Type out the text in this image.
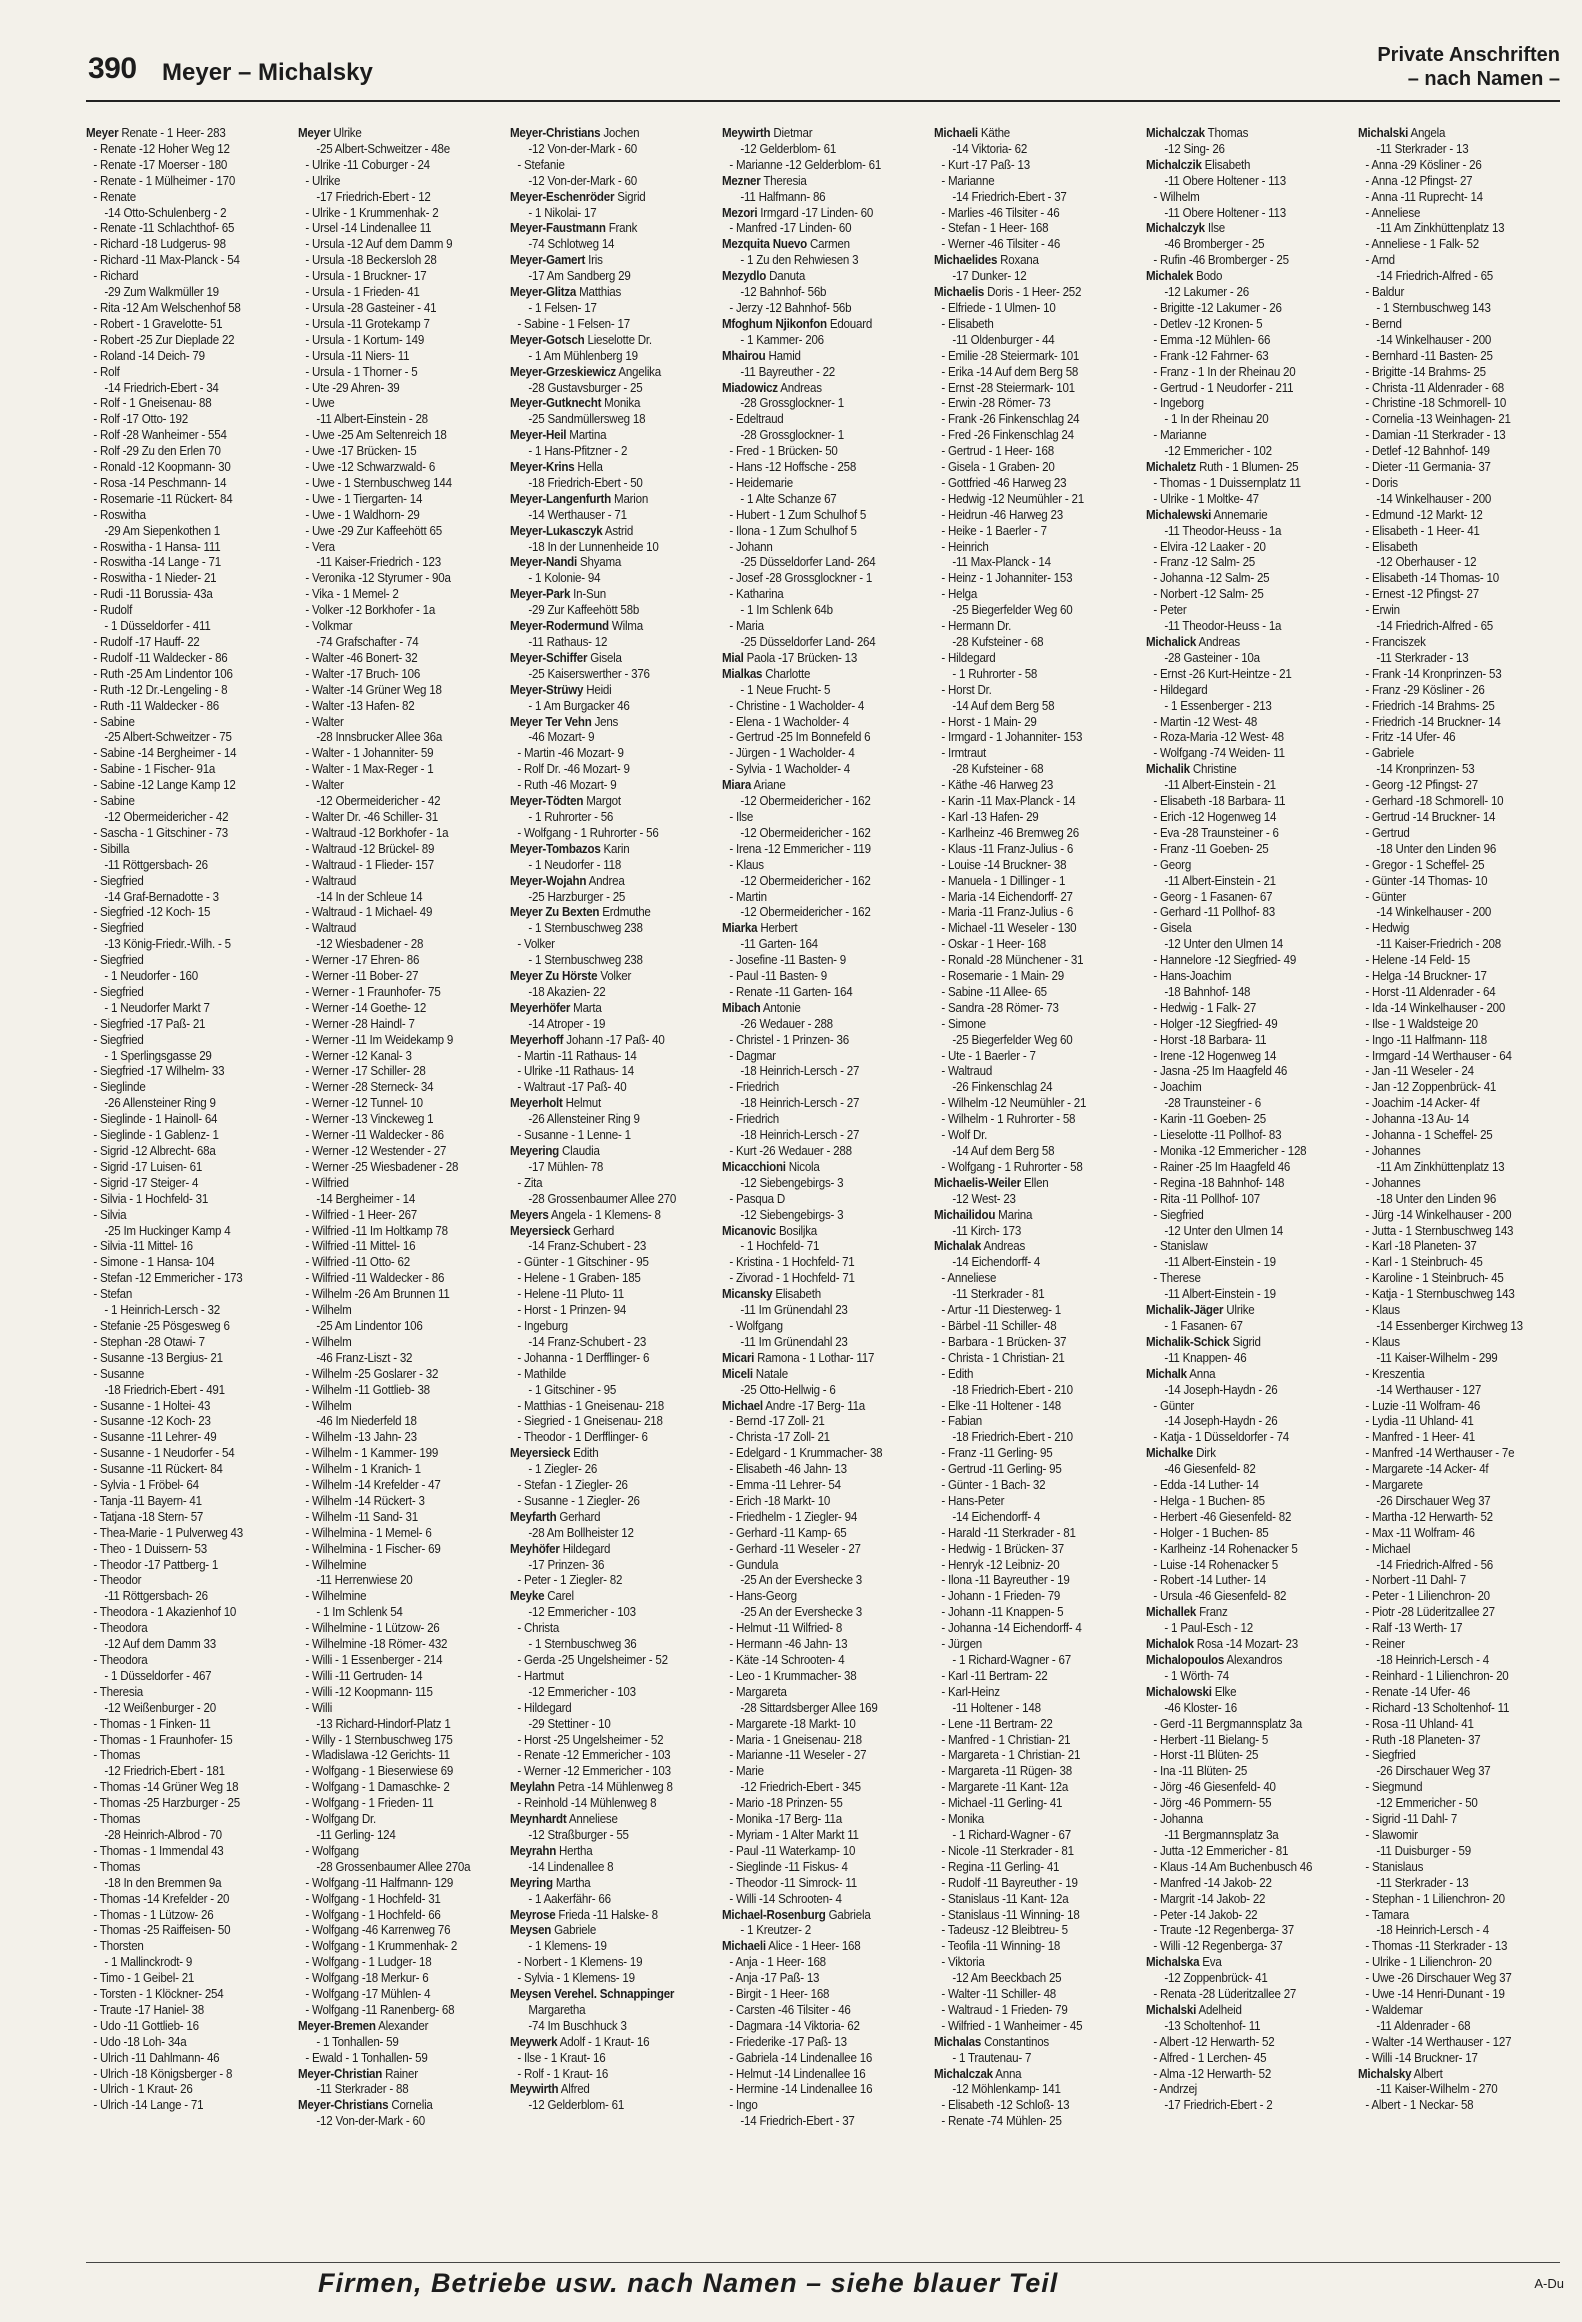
390 Meyer – Michalsky
Private Anschriften
– nach Namen –
Meyer Renate - 1 Heer- 283
- Renate -12 Hoher Weg 12
- Renate -17 Moerser - 180
- Renate - 1 Mülheimer - 170
- Renate
-14 Otto-Schulenberg - 2
- Renate -11 Schlachthof- 65
- Richard -18 Ludgerus- 98
- Richard -11 Max-Planck - 54
- Richard
-29 Zum Walkmüller 19
- Rita -12 Am Welschenhof 58
- Robert - 1 Gravelotte- 51
- Robert -25 Zur Dieplade 22
- Roland -14 Deich- 79
- Rolf
-14 Friedrich-Ebert - 34
- Rolf - 1 Gneisenau- 88
- Rolf -17 Otto- 192
- Rolf -28 Wanheimer - 554
- Rolf -29 Zu den Erlen 70
- Ronald -12 Koopmann- 30
- Rosa -14 Peschmann- 14
- Rosemarie -11 Rückert- 84
- Roswitha
-29 Am Siepenkothen 1
- Roswitha - 1 Hansa- 111
- Roswitha -14 Lange - 71
- Roswitha - 1 Nieder- 21
- Rudi -11 Borussia- 43a
- Rudolf
- 1 Düsseldorfer - 411
- Rudolf -17 Hauff- 22
- Rudolf -11 Waldecker - 86
- Ruth -25 Am Lindentor 106
- Ruth -12 Dr.-Lengeling - 8
- Ruth -11 Waldecker - 86
- Sabine
-25 Albert-Schweitzer - 75
- Sabine -14 Bergheimer - 14
- Sabine - 1 Fischer- 91a
- Sabine -12 Lange Kamp 12
- Sabine
-12 Obermeidericher - 42
- Sascha - 1 Gitschiner - 73
- Sibilla
-11 Röttgersbach- 26
- Siegfried
-14 Graf-Bernadotte - 3
- Siegfried -12 Koch- 15
- Siegfried
-13 König-Friedr.-Wilh. - 5
- Siegfried
- 1 Neudorfer - 160
- Siegfried
- 1 Neudorfer Markt 7
- Siegfried -17 Paß- 21
- Siegfried
- 1 Sperlingsgasse 29
- Siegfried -17 Wilhelm- 33
- Sieglinde
-26 Allensteiner Ring 9
- Sieglinde - 1 Hainoll- 64
- Sieglinde - 1 Gablenz- 1
- Sigrid -12 Albrecht- 68a
- Sigrid -17 Luisen- 61
- Sigrid -17 Steiger- 4
- Silvia - 1 Hochfeld- 31
- Silvia
-25 Im Huckinger Kamp 4
- Silvia -11 Mittel- 16
- Simone - 1 Hansa- 104
- Stefan -12 Emmericher - 173
- Stefan
- 1 Heinrich-Lersch - 32
- Stefanie -25 Pösgesweg 6
- Stephan -28 Otawi- 7
- Susanne -13 Bergius- 21
- Susanne
-18 Friedrich-Ebert - 491
- Susanne - 1 Holtei- 43
- Susanne -12 Koch- 23
- Susanne -11 Lehrer- 49
- Susanne - 1 Neudorfer - 54
- Susanne -11 Rückert- 84
- Sylvia - 1 Fröbel- 64
- Tanja -11 Bayern- 41
- Tatjana -18 Stern- 57
- Thea-Marie - 1 Pulverweg 43
- Theo - 1 Duissern- 53
- Theodor -17 Pattberg- 1
- Theodor
-11 Röttgersbach- 26
- Theodora - 1 Akazienhof 10
- Theodora
-12 Auf dem Damm 33
- Theodora
- 1 Düsseldorfer - 467
- Theresia
-12 Weißenburger - 20
- Thomas - 1 Finken- 11
- Thomas - 1 Fraunhofer- 15
- Thomas
-12 Friedrich-Ebert - 181
- Thomas -14 Grüner Weg 18
- Thomas -25 Harzburger - 25
- Thomas
-28 Heinrich-Albrod - 70
- Thomas - 1 Immendal 43
- Thomas
-18 In den Bremmen 9a
- Thomas -14 Krefelder - 20
- Thomas - 1 Lützow- 26
- Thomas -25 Raiffeisen- 50
- Thorsten
- 1 Mallinckrodt- 9
- Timo - 1 Geibel- 21
- Torsten - 1 Klöckner- 254
- Traute -17 Haniel- 38
- Udo -11 Gottlieb- 16
- Udo -18 Loh- 34a
- Ulrich -11 Dahlmann- 46
- Ulrich -18 Königsberger - 8
- Ulrich - 1 Kraut- 26
- Ulrich -14 Lange - 71
Meyer Ulrike
-25 Albert-Schweitzer - 48e
- Ulrike -11 Coburger - 24
- Ulrike
-17 Friedrich-Ebert - 12
- Ulrike - 1 Krummenhak- 2
- Ursel -14 Lindenallee 11
- Ursula -12 Auf dem Damm 9
- Ursula -18 Beckersloh 28
- Ursula - 1 Bruckner- 17
- Ursula - 1 Frieden- 41
- Ursula -28 Gasteiner - 41
- Ursula -11 Grotekamp 7
- Ursula - 1 Kortum- 149
- Ursula -11 Niers- 11
- Ursula - 1 Thorner - 5
- Ute -29 Ahren- 39
- Uwe
-11 Albert-Einstein - 28
- Uwe -25 Am Seltenreich 18
- Uwe -17 Brücken- 15
- Uwe -12 Schwarzwald- 6
- Uwe - 1 Sternbuschweg 144
- Uwe - 1 Tiergarten- 14
- Uwe - 1 Waldhorn- 29
- Uwe -29 Zur Kaffeehött 65
- Vera
-11 Kaiser-Friedrich - 123
- Veronika -12 Styrumer - 90a
- Vika - 1 Memel- 2
- Volker -12 Borkhofer - 1a
- Volkmar
-74 Grafschafter - 74
- Walter -46 Bonert- 32
- Walter -17 Bruch- 106
- Walter -14 Grüner Weg 18
- Walter -13 Hafen- 82
- Walter
-28 Innsbrucker Allee 36a
- Walter - 1 Johanniter- 59
- Walter - 1 Max-Reger - 1
- Walter
-12 Obermeidericher - 42
- Walter Dr. -46 Schiller- 31
- Waltraud -12 Borkhofer - 1a
- Waltraud -12 Brückel- 89
- Waltraud - 1 Flieder- 157
- Waltraud
-14 In der Schleue 14
- Waltraud - 1 Michael- 49
- Waltraud
-12 Wiesbadener - 28
- Werner -17 Ehren- 86
- Werner -11 Bober- 27
- Werner - 1 Fraunhofer- 75
- Werner -14 Goethe- 12
- Werner -28 Haindl- 7
- Werner -11 Im Weidekamp 9
- Werner -12 Kanal- 3
- Werner -17 Schiller- 28
- Werner -28 Sterneck- 34
- Werner -12 Tunnel- 10
- Werner -13 Vinckeweg 1
- Werner -11 Waldecker - 86
- Werner -12 Westender - 27
- Werner -25 Wiesbadener - 28
- Wilfried
-14 Bergheimer - 14
- Wilfried - 1 Heer- 267
- Wilfried -11 Im Holtkamp 78
- Wilfried -11 Mittel- 16
- Wilfried -11 Otto- 62
- Wilfried -11 Waldecker - 86
- Wilhelm -26 Am Brunnen 11
- Wilhelm
-25 Am Lindentor 106
- Wilhelm
-46 Franz-Liszt - 32
- Wilhelm -25 Goslarer - 32
- Wilhelm -11 Gottlieb- 38
- Wilhelm
-46 Im Niederfeld 18
- Wilhelm -13 Jahn- 23
- Wilhelm - 1 Kammer- 199
- Wilhelm - 1 Kranich- 1
- Wilhelm -14 Krefelder - 47
- Wilhelm -14 Rückert- 3
- Wilhelm -11 Sand- 31
- Wilhelmina - 1 Memel- 6
- Wilhelmina - 1 Fischer- 69
- Wilhelmine
-11 Herrenwiese 20
- Wilhelmine
- 1 Im Schlenk 54
- Wilhelmine - 1 Lützow- 26
- Wilhelmine -18 Römer- 432
- Willi - 1 Essenberger - 214
- Willi -11 Gertruden- 14
- Willi -12 Koopmann- 115
- Willi
-13 Richard-Hindorf-Platz 1
- Willy - 1 Sternbuschweg 175
- Wladislawa -12 Gerichts- 11
- Wolfgang - 1 Bieserwiese 69
- Wolfgang - 1 Damaschke- 2
- Wolfgang - 1 Frieden- 11
- Wolfgang Dr.
-11 Gerling- 124
- Wolfgang
-28 Grossenbaumer Allee 270a
- Wolfgang -11 Halfmann- 129
- Wolfgang - 1 Hochfeld- 31
- Wolfgang - 1 Hochfeld- 66
- Wolfgang -46 Karrenweg 76
- Wolfgang - 1 Krummenhak- 2
- Wolfgang - 1 Ludger- 18
- Wolfgang -18 Merkur- 6
- Wolfgang -17 Mühlen- 4
- Wolfgang -11 Ranenberg- 68
Meyer-Bremen Alexander
- 1 Tonhallen- 59
- Ewald - 1 Tonhallen- 59
Meyer-Christian Rainer
-11 Sterkrader - 88
Meyer-Christians Cornelia
-12 Von-der-Mark - 60
Meyer-Christians Jochen
-12 Von-der-Mark - 60
- Stefanie
-12 Von-der-Mark - 60
Meyer-Eschenröder Sigrid
- 1 Nikolai- 17
Meyer-Faustmann Frank
-74 Schlotweg 14
Meyer-Gamert Iris
-17 Am Sandberg 29
Meyer-Glitza Matthias
- 1 Felsen- 17
- Sabine - 1 Felsen- 17
Meyer-Gotsch Lieselotte Dr.
- 1 Am Mühlenberg 19
Meyer-Grzeskiewicz Angelika
-28 Gustavsburger - 25
Meyer-Gutknecht Monika
-25 Sandmüllersweg 18
Meyer-Heil Martina
- 1 Hans-Pfitzner - 2
Meyer-Krins Hella
-18 Friedrich-Ebert - 50
Meyer-Langenfurth Marion
-14 Werthauser - 71
Meyer-Lukasczyk Astrid
-18 In der Lunnenheide 10
Meyer-Nandi Shyama
- 1 Kolonie- 94
Meyer-Park In-Sun
-29 Zur Kaffeehött 58b
Meyer-Rodermund Wilma
-11 Rathaus- 12
Meyer-Schiffer Gisela
-25 Kaiserswerther - 376
Meyer-Strüwy Heidi
- 1 Am Burgacker 46
Meyer Ter Vehn Jens
-46 Mozart- 9
- Martin -46 Mozart- 9
- Rolf Dr. -46 Mozart- 9
- Ruth -46 Mozart- 9
Meyer-Tödten Margot
- 1 Ruhrorter - 56
- Wolfgang - 1 Ruhrorter - 56
Meyer-Tombazos Karin
- 1 Neudorfer - 118
Meyer-Wojahn Andrea
-25 Harzburger - 25
Meyer Zu Bexten Erdmuthe
- 1 Sternbuschweg 238
- Volker
- 1 Sternbuschweg 238
Meyer Zu Hörste Volker
-18 Akazien- 22
Meyerhöfer Marta
-14 Atroper - 19
Meyerhoff Johann -17 Paß- 40
- Martin -11 Rathaus- 14
- Ulrike -11 Rathaus- 14
- Waltraut -17 Paß- 40
Meyerholt Helmut
-26 Allensteiner Ring 9
- Susanne - 1 Lenne- 1
Meyering Claudia
-17 Mühlen- 78
- Zita
-28 Grossenbaumer Allee 270
Meyers Angela - 1 Klemens- 8
Meyersieck Gerhard
-14 Franz-Schubert - 23
- Günter - 1 Gitschiner - 95
- Helene - 1 Graben- 185
- Helene -11 Pluto- 11
- Horst - 1 Prinzen- 94
- Ingeburg
-14 Franz-Schubert - 23
- Johanna - 1 Derfflinger- 6
- Mathilde
- 1 Gitschiner - 95
- Matthias - 1 Gneisenau- 218
- Siegried - 1 Gneisenau- 218
- Theodor - 1 Derfflinger- 6
Meyersieck Edith
- 1 Ziegler- 26
- Stefan - 1 Ziegler- 26
- Susanne - 1 Ziegler- 26
Meyfarth Gerhard
-28 Am Bollheister 12
Meyhöfer Hildegard
-17 Prinzen- 36
- Peter - 1 Ziegler- 82
Meyke Carel
-12 Emmericher - 103
- Christa
- 1 Sternbuschweg 36
- Gerda -25 Ungelsheimer - 52
- Hartmut
-12 Emmericher - 103
- Hildegard
-29 Stettiner - 10
- Horst -25 Ungelsheimer - 52
- Renate -12 Emmericher - 103
- Werner -12 Emmericher - 103
Meylahn Petra -14 Mühlenweg 8
- Reinhold -14 Mühlenweg 8
Meynhardt Anneliese
-12 Straßburger - 55
Meyrahn Hertha
-14 Lindenallee 8
Meyring Martha
- 1 Aakerfähr- 66
Meyrose Frieda -11 Halske- 8
Meysen Gabriele
- 1 Klemens- 19
- Norbert - 1 Klemens- 19
- Sylvia - 1 Klemens- 19
Meysen Verehel. Schnappinger
Margaretha
-74 Im Buschhuck 3
Meywerk Adolf - 1 Kraut- 16
- Ilse - 1 Kraut- 16
- Rolf - 1 Kraut- 16
Meywirth Alfred
-12 Gelderblom- 61
Meywirth Dietmar
-12 Gelderblom- 61
- Marianne -12 Gelderblom- 61
Mezner Theresia
-11 Halfmann- 86
Mezori Irmgard -17 Linden- 60
- Manfred -17 Linden- 60
Mezquita Nuevo Carmen
- 1 Zu den Rehwiesen 3
Mezydlo Danuta
-12 Bahnhof- 56b
- Jerzy -12 Bahnhof- 56b
Mfoghum Njikonfon Edouard
- 1 Kammer- 206
Mhairou Hamid
-11 Bayreuther - 22
Miadowicz Andreas
-28 Grossglockner- 1
- Edeltraud
-28 Grossglockner- 1
- Fred - 1 Brücken- 50
- Hans -12 Hoffsche - 258
- Heidemarie
- 1 Alte Schanze 67
- Hubert - 1 Zum Schulhof 5
- Ilona - 1 Zum Schulhof 5
- Johann
-25 Düsseldorfer Land- 264
- Josef -28 Grossglockner - 1
- Katharina
- 1 Im Schlenk 64b
- Maria
-25 Düsseldorfer Land- 264
Mial Paola -17 Brücken- 13
Mialkas Charlotte
- 1 Neue Frucht- 5
- Christine - 1 Wacholder- 4
- Elena - 1 Wacholder- 4
- Gertrud -25 Im Bonnefeld 6
- Jürgen - 1 Wacholder- 4
- Sylvia - 1 Wacholder- 4
Miara Ariane
-12 Obermeidericher - 162
- Ilse
-12 Obermeidericher - 162
- Irena -12 Emmericher - 119
- Klaus
-12 Obermeidericher - 162
- Martin
-12 Obermeidericher - 162
Miarka Herbert
-11 Garten- 164
- Josefine -11 Basten- 9
- Paul -11 Basten- 9
- Renate -11 Garten- 164
Mibach Antonie
-26 Wedauer - 288
- Christel - 1 Prinzen- 36
- Dagmar
-18 Heinrich-Lersch - 27
- Friedrich
-18 Heinrich-Lersch - 27
- Friedrich
-18 Heinrich-Lersch - 27
- Kurt -26 Wedauer - 288
Micacchioni Nicola
-12 Siebengebirgs- 3
- Pasqua D
-12 Siebengebirgs- 3
Micanovic Bosiljka
- 1 Hochfeld- 71
- Kristina - 1 Hochfeld- 71
- Zivorad - 1 Hochfeld- 71
Micansky Elisabeth
-11 Im Grünendahl 23
- Wolfgang
-11 Im Grünendahl 23
Micari Ramona - 1 Lothar- 117
Miceli Natale
-25 Otto-Hellwig - 6
Michael Andre -17 Berg- 11a
- Bernd -17 Zoll- 21
- Christa -17 Zoll- 21
- Edelgard - 1 Krummacher- 38
- Elisabeth -46 Jahn- 13
- Emma -11 Lehrer- 54
- Erich -18 Markt- 10
- Friedhelm - 1 Ziegler- 94
- Gerhard -11 Kamp- 65
- Gerhard -11 Weseler - 27
- Gundula
-25 An der Evershecke 3
- Hans-Georg
-25 An der Evershecke 3
- Helmut -11 Wilfried- 8
- Hermann -46 Jahn- 13
- Käte -14 Schrooten- 4
- Leo - 1 Krummacher- 38
- Margareta
-28 Sittardsberger Allee 169
- Margarete -18 Markt- 10
- Maria - 1 Gneisenau- 218
- Marianne -11 Weseler - 27
- Marie
-12 Friedrich-Ebert - 345
- Mario -18 Prinzen- 55
- Monika -17 Berg- 11a
- Myriam - 1 Alter Markt 11
- Paul -11 Waterkamp- 10
- Sieglinde -11 Fiskus- 4
- Theodor -11 Simrock- 11
- Willi -14 Schrooten- 4
Michael-Rosenburg Gabriela
- 1 Kreutzer- 2
Michaeli Alice - 1 Heer- 168
- Anja - 1 Heer- 168
- Anja -17 Paß- 13
- Birgit - 1 Heer- 168
- Carsten -46 Tilsiter - 46
- Dagmara -14 Viktoria- 62
- Friederike -17 Paß- 13
- Gabriela -14 Lindenallee 16
- Helmut -14 Lindenallee 16
- Hermine -14 Lindenallee 16
- Ingo
-14 Friedrich-Ebert - 37
Michaeli Käthe
-14 Viktoria- 62
- Kurt -17 Paß- 13
- Marianne
-14 Friedrich-Ebert - 37
- Marlies -46 Tilsiter - 46
- Stefan - 1 Heer- 168
- Werner -46 Tilsiter - 46
Michaelides Roxana
-17 Dunker- 12
Michaelis Doris - 1 Heer- 252
- Elfriede - 1 Ulmen- 10
- Elisabeth
-11 Oldenburger - 44
- Emilie -28 Steiermark- 101
- Erika -14 Auf dem Berg 58
- Ernst -28 Steiermark- 101
- Erwin -28 Römer- 73
- Frank -26 Finkenschlag 24
- Fred -26 Finkenschlag 24
- Gertrud - 1 Heer- 168
- Gisela - 1 Graben- 20
- Gottfried -46 Harweg 23
- Hedwig -12 Neumühler - 21
- Heidrun -46 Harweg 23
- Heike - 1 Baerler - 7
- Heinrich
-11 Max-Planck - 14
- Heinz - 1 Johanniter- 153
- Helga
-25 Biegerfelder Weg 60
- Hermann Dr.
-28 Kufsteiner - 68
- Hildegard
- 1 Ruhrorter - 58
- Horst Dr.
-14 Auf dem Berg 58
- Horst - 1 Main- 29
- Irmgard - 1 Johanniter- 153
- Irmtraut
-28 Kufsteiner - 68
- Käthe -46 Harweg 23
- Karin -11 Max-Planck - 14
- Karl -13 Hafen- 29
- Karlheinz -46 Bremweg 26
- Klaus -11 Franz-Julius - 6
- Louise -14 Bruckner- 38
- Manuela - 1 Dillinger - 1
- Maria -14 Eichendorff- 27
- Maria -11 Franz-Julius - 6
- Michael -11 Weseler - 130
- Oskar - 1 Heer- 168
- Ronald -28 Münchener - 31
- Rosemarie - 1 Main- 29
- Sabine -11 Allee- 65
- Sandra -28 Römer- 73
- Simone
-25 Biegerfelder Weg 60
- Ute - 1 Baerler - 7
- Waltraud
-26 Finkenschlag 24
- Wilhelm -12 Neumühler - 21
- Wilhelm - 1 Ruhrorter - 58
- Wolf Dr.
-14 Auf dem Berg 58
- Wolfgang - 1 Ruhrorter - 58
Michaelis-Weiler Ellen
-12 West- 23
Michailidou Marina
-11 Kirch- 173
Michalak Andreas
-14 Eichendorff- 4
- Anneliese
-11 Sterkrader - 81
- Artur -11 Diesterweg- 1
- Bärbel -11 Schiller- 48
- Barbara - 1 Brücken- 37
- Christa - 1 Christian- 21
- Edith
-18 Friedrich-Ebert - 210
- Elke -11 Holtener - 148
- Fabian
-18 Friedrich-Ebert - 210
- Franz -11 Gerling- 95
- Gertrud -11 Gerling- 95
- Günter - 1 Bach- 32
- Hans-Peter
-14 Eichendorff- 4
- Harald -11 Sterkrader - 81
- Hedwig - 1 Brücken- 37
- Henryk -12 Leibniz- 20
- Ilona -11 Bayreuther - 19
- Johann - 1 Frieden- 79
- Johann -11 Knappen- 5
- Johanna -14 Eichendorff- 4
- Jürgen
- 1 Richard-Wagner - 67
- Karl -11 Bertram- 22
- Karl-Heinz
-11 Holtener - 148
- Lene -11 Bertram- 22
- Manfred - 1 Christian- 21
- Margareta - 1 Christian- 21
- Margareta -11 Rügen- 38
- Margarete -11 Kant- 12a
- Michael -11 Gerling- 41
- Monika
- 1 Richard-Wagner - 67
- Nicole -11 Sterkrader - 81
- Regina -11 Gerling- 41
- Rudolf -11 Bayreuther - 19
- Stanislaus -11 Kant- 12a
- Stanislaus -11 Winning- 18
- Tadeusz -12 Bleibtreu- 5
- Teofila -11 Winning- 18
- Viktoria
-12 Am Beeckbach 25
- Walter -11 Schiller- 48
- Waltraud - 1 Frieden- 79
- Wilfried - 1 Wanheimer - 45
Michalas Constantinos
- 1 Trautenau- 7
Michalczak Anna
-12 Möhlenkamp- 141
- Elisabeth -12 Schloß- 13
- Renate -74 Mühlen- 25
Michalczak Thomas
-12 Sing- 26
Michalczik Elisabeth
-11 Obere Holtener - 113
- Wilhelm
-11 Obere Holtener - 113
Michalczyk Ilse
-46 Bromberger - 25
- Rufin -46 Bromberger - 25
Michalek Bodo
-12 Lakumer - 26
- Brigitte -12 Lakumer - 26
- Detlev -12 Kronen- 5
- Emma -12 Mühlen- 66
- Frank -12 Fahrner- 63
- Franz - 1 In der Rheinau 20
- Gertrud - 1 Neudorfer - 211
- Ingeborg
- 1 In der Rheinau 20
- Marianne
-12 Emmericher - 102
Michaletz Ruth - 1 Blumen- 25
- Thomas - 1 Duissernplatz 11
- Ulrike - 1 Moltke- 47
Michalewski Annemarie
-11 Theodor-Heuss - 1a
- Elvira -12 Laaker - 20
- Franz -12 Salm- 25
- Johanna -12 Salm- 25
- Norbert -12 Salm- 25
- Peter
-11 Theodor-Heuss - 1a
Michalick Andreas
-28 Gasteiner - 10a
- Ernst -26 Kurt-Heintze - 21
- Hildegard
- 1 Essenberger - 213
- Martin -12 West- 48
- Roza-Maria -12 West- 48
- Wolfgang -74 Weiden- 11
Michalik Christine
-11 Albert-Einstein - 21
- Elisabeth -18 Barbara- 11
- Erich -12 Hogenweg 14
- Eva -28 Traunsteiner - 6
- Franz -11 Goeben- 25
- Georg
-11 Albert-Einstein - 21
- Georg - 1 Fasanen- 67
- Gerhard -11 Pollhof- 83
- Gisela
-12 Unter den Ulmen 14
- Hannelore -12 Siegfried- 49
- Hans-Joachim
-18 Bahnhof- 148
- Hedwig - 1 Falk- 27
- Holger -12 Siegfried- 49
- Horst -18 Barbara- 11
- Irene -12 Hogenweg 14
- Jasna -25 Im Haagfeld 46
- Joachim
-28 Traunsteiner - 6
- Karin -11 Goeben- 25
- Lieselotte -11 Pollhof- 83
- Monika -12 Emmericher - 128
- Rainer -25 Im Haagfeld 46
- Regina -18 Bahnhof- 148
- Rita -11 Pollhof- 107
- Siegfried
-12 Unter den Ulmen 14
- Stanislaw
-11 Albert-Einstein - 19
- Therese
-11 Albert-Einstein - 19
Michalik-Jäger Ulrike
- 1 Fasanen- 67
Michalik-Schick Sigrid
-11 Knappen- 46
Michalk Anna
-14 Joseph-Haydn - 26
- Günter
-14 Joseph-Haydn - 26
- Katja - 1 Düsseldorfer - 74
Michalke Dirk
-46 Giesenfeld- 82
- Edda -14 Luther- 14
- Helga - 1 Buchen- 85
- Herbert -46 Giesenfeld- 82
- Holger - 1 Buchen- 85
- Karlheinz -14 Rohenacker 5
- Luise -14 Rohenacker 5
- Robert -14 Luther- 14
- Ursula -46 Giesenfeld- 82
Michallek Franz
- 1 Paul-Esch - 12
Michalok Rosa -14 Mozart- 23
Michalopoulos Alexandros
- 1 Wörth- 74
Michalowski Elke
-46 Kloster- 16
- Gerd -11 Bergmannsplatz 3a
- Herbert -11 Bielang- 5
- Horst -11 Blüten- 25
- Ina -11 Blüten- 25
- Jörg -46 Giesenfeld- 40
- Jörg -46 Pommern- 55
- Johanna
-11 Bergmannsplatz 3a
- Jutta -12 Emmericher - 81
- Klaus -14 Am Buchenbusch 46
- Manfred -14 Jakob- 22
- Margrit -14 Jakob- 22
- Peter -14 Jakob- 22
- Traute -12 Regenberga- 37
- Willi -12 Regenberga- 37
Michalska Eva
-12 Zoppenbrück- 41
- Renata -28 Lüderitzallee 27
Michalski Adelheid
-13 Scholtenhof- 11
- Albert -12 Herwarth- 52
- Alfred - 1 Lerchen- 45
- Alma -12 Herwarth- 52
- Andrzej
-17 Friedrich-Ebert - 2
Michalski Angela
-11 Sterkrader - 13
- Anna -29 Kösliner - 26
- Anna -12 Pfingst- 27
- Anna -11 Ruprecht- 14
- Anneliese
-11 Am Zinkhüttenplatz 13
- Anneliese - 1 Falk- 52
- Arnd
-14 Friedrich-Alfred - 65
- Baldur
- 1 Sternbuschweg 143
- Bernd
-14 Winkelhauser - 200
- Bernhard -11 Basten- 25
- Brigitte -14 Brahms- 25
- Christa -11 Aldenrader - 68
- Christine -18 Schmorell- 10
- Cornelia -13 Weinhagen- 21
- Damian -11 Sterkrader - 13
- Detlef -12 Bahnhof- 149
- Dieter -11 Germania- 37
- Doris
-14 Winkelhauser - 200
- Edmund -12 Markt- 12
- Elisabeth - 1 Heer- 41
- Elisabeth
-12 Oberhauser - 12
- Elisabeth -14 Thomas- 10
- Ernest -12 Pfingst- 27
- Erwin
-14 Friedrich-Alfred - 65
- Franciszek
-11 Sterkrader - 13
- Frank -14 Kronprinzen- 53
- Franz -29 Kösliner - 26
- Friedrich -14 Brahms- 25
- Friedrich -14 Bruckner- 14
- Fritz -14 Ufer- 46
- Gabriele
-14 Kronprinzen- 53
- Georg -12 Pfingst- 27
- Gerhard -18 Schmorell- 10
- Gertrud -14 Bruckner- 14
- Gertrud
-18 Unter den Linden 96
- Gregor - 1 Scheffel- 25
- Günter -14 Thomas- 10
- Günter
-14 Winkelhauser - 200
- Hedwig
-11 Kaiser-Friedrich - 208
- Helene -14 Feld- 15
- Helga -14 Bruckner- 17
- Horst -11 Aldenrader - 64
- Ida -14 Winkelhauser - 200
- Ilse - 1 Waldsteige 20
- Ingo -11 Halfmann- 118
- Irmgard -14 Werthauser - 64
- Jan -11 Weseler - 24
- Jan -12 Zoppenbrück- 41
- Joachim -14 Acker- 4f
- Johanna -13 Au- 14
- Johanna - 1 Scheffel- 25
- Johannes
-11 Am Zinkhüttenplatz 13
- Johannes
-18 Unter den Linden 96
- Jürg -14 Winkelhauser - 200
- Jutta - 1 Sternbuschweg 143
- Karl -18 Planeten- 37
- Karl - 1 Steinbruch- 45
- Karoline - 1 Steinbruch- 45
- Katja - 1 Sternbuschweg 143
- Klaus
-14 Essenberger Kirchweg 13
- Klaus
-11 Kaiser-Wilhelm - 299
- Kreszentia
-14 Werthauser - 127
- Luzie -11 Wolfram- 46
- Lydia -11 Uhland- 41
- Manfred - 1 Heer- 41
- Manfred -14 Werthauser - 7e
- Margarete -14 Acker- 4f
- Margarete
-26 Dirschauer Weg 37
- Martha -12 Herwarth- 52
- Max -11 Wolfram- 46
- Michael
-14 Friedrich-Alfred - 56
- Norbert -11 Dahl- 7
- Peter - 1 Lilienchron- 20
- Piotr -28 Lüderitzallee 27
- Ralf -13 Werth- 17
- Reiner
-18 Heinrich-Lersch - 4
- Reinhard - 1 Lilienchron- 20
- Renate -14 Ufer- 46
- Richard -13 Scholtenhof- 11
- Rosa -11 Uhland- 41
- Ruth -18 Planeten- 37
- Siegfried
-26 Dirschauer Weg 37
- Siegmund
-12 Emmericher - 50
- Sigrid -11 Dahl- 7
- Slawomir
-11 Duisburger - 59
- Stanislaus
-11 Sterkrader - 13
- Stephan - 1 Lilienchron- 20
- Tamara
-18 Heinrich-Lersch - 4
- Thomas -11 Sterkrader - 13
- Ulrike - 1 Lilienchron- 20
- Uwe -26 Dirschauer Weg 37
- Uwe -14 Henri-Dunant - 19
- Waldemar
-11 Aldenrader - 68
- Walter -14 Werthauser - 127
- Willi -14 Bruckner- 17
Michalsky Albert
-11 Kaiser-Wilhelm - 270
- Albert - 1 Neckar- 58
Firmen, Betriebe usw. nach Namen – siehe blauer Teil	A-Du
